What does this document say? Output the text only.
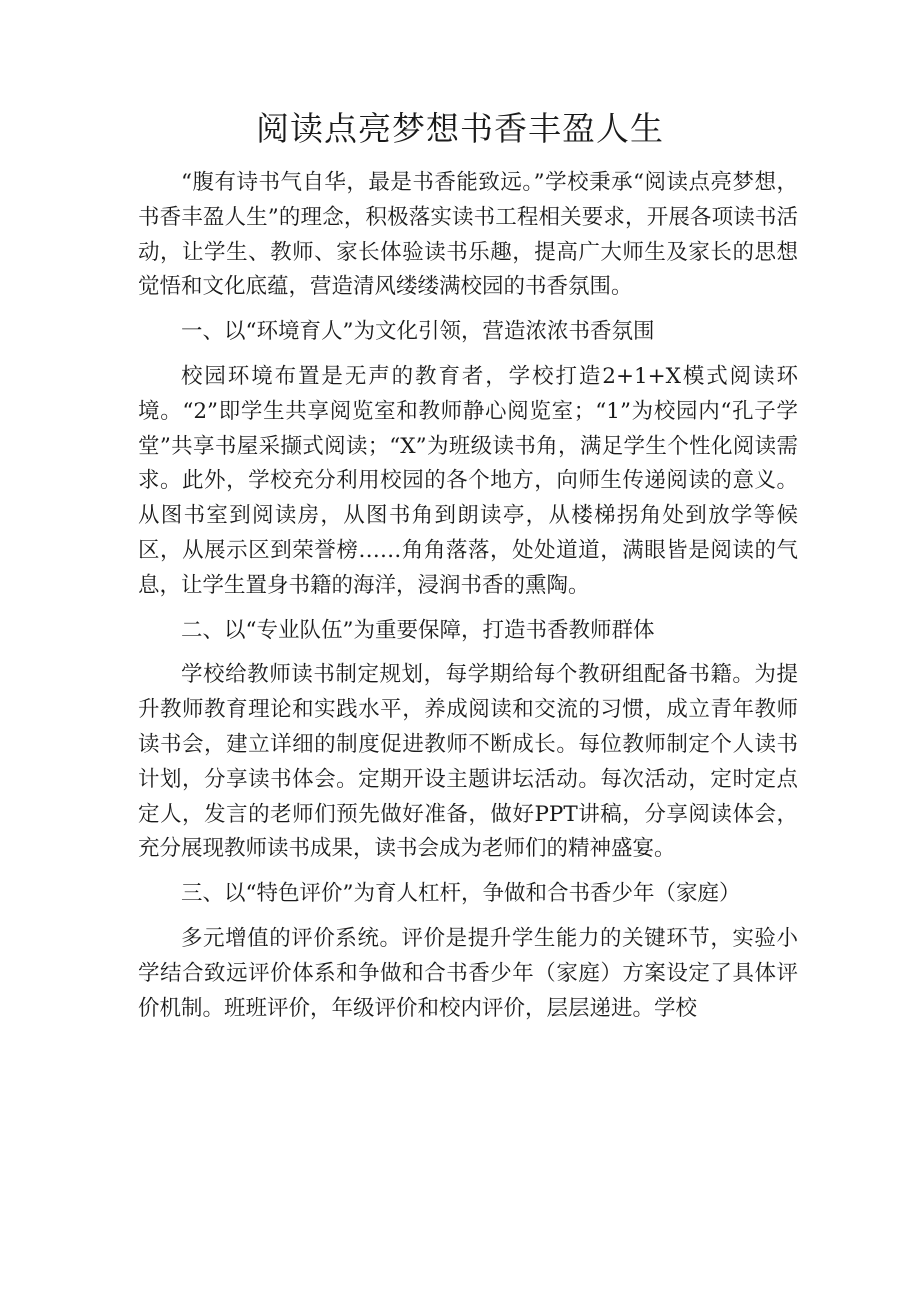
阅读点亮梦想书香丰盈人生

“腹有诗书气自华，最是书香能致远。”学校秉承“阅读点亮梦想，书香丰盈人生”的理念，积极落实读书工程相关要求，开展各项读书活动，让学生、教师、家长体验读书乐趣，提高广大师生及家长的思想觉悟和文化底蕴，营造清风缕缕满校园的书香氛围。

一、以“环境育人”为文化引领，营造浓浓书香氛围

校园环境布置是无声的教育者，学校打造2+1+X模式阅读环境。“2”即学生共享阅览室和教师静心阅览室；“1”为校园内“孔子学堂”共享书屋采撷式阅读；“X”为班级读书角，满足学生个性化阅读需求。此外，学校充分利用校园的各个地方，向师生传递阅读的意义。从图书室到阅读房，从图书角到朗读亭，从楼梯拐角处到放学等候区，从展示区到荣誉榜……角角落落，处处道道，满眼皆是阅读的气息，让学生置身书籍的海洋，浸润书香的熏陶。

二、以“专业队伍”为重要保障，打造书香教师群体

学校给教师读书制定规划，每学期给每个教研组配备书籍。为提升教师教育理论和实践水平，养成阅读和交流的习惯，成立青年教师读书会，建立详细的制度促进教师不断成长。每位教师制定个人读书计划，分享读书体会。定期开设主题讲坛活动。每次活动，定时定点定人，发言的老师们预先做好准备，做好PPT讲稿，分享阅读体会，充分展现教师读书成果，读书会成为老师们的精神盛宴。

三、以“特色评价”为育人杠杆，争做和合书香少年（家庭）

多元增值的评价系统。评价是提升学生能力的关键环节，实验小学结合致远评价体系和争做和合书香少年（家庭）方案设定了具体评价机制。班班评价，年级评价和校内评价，层层递进。学校
